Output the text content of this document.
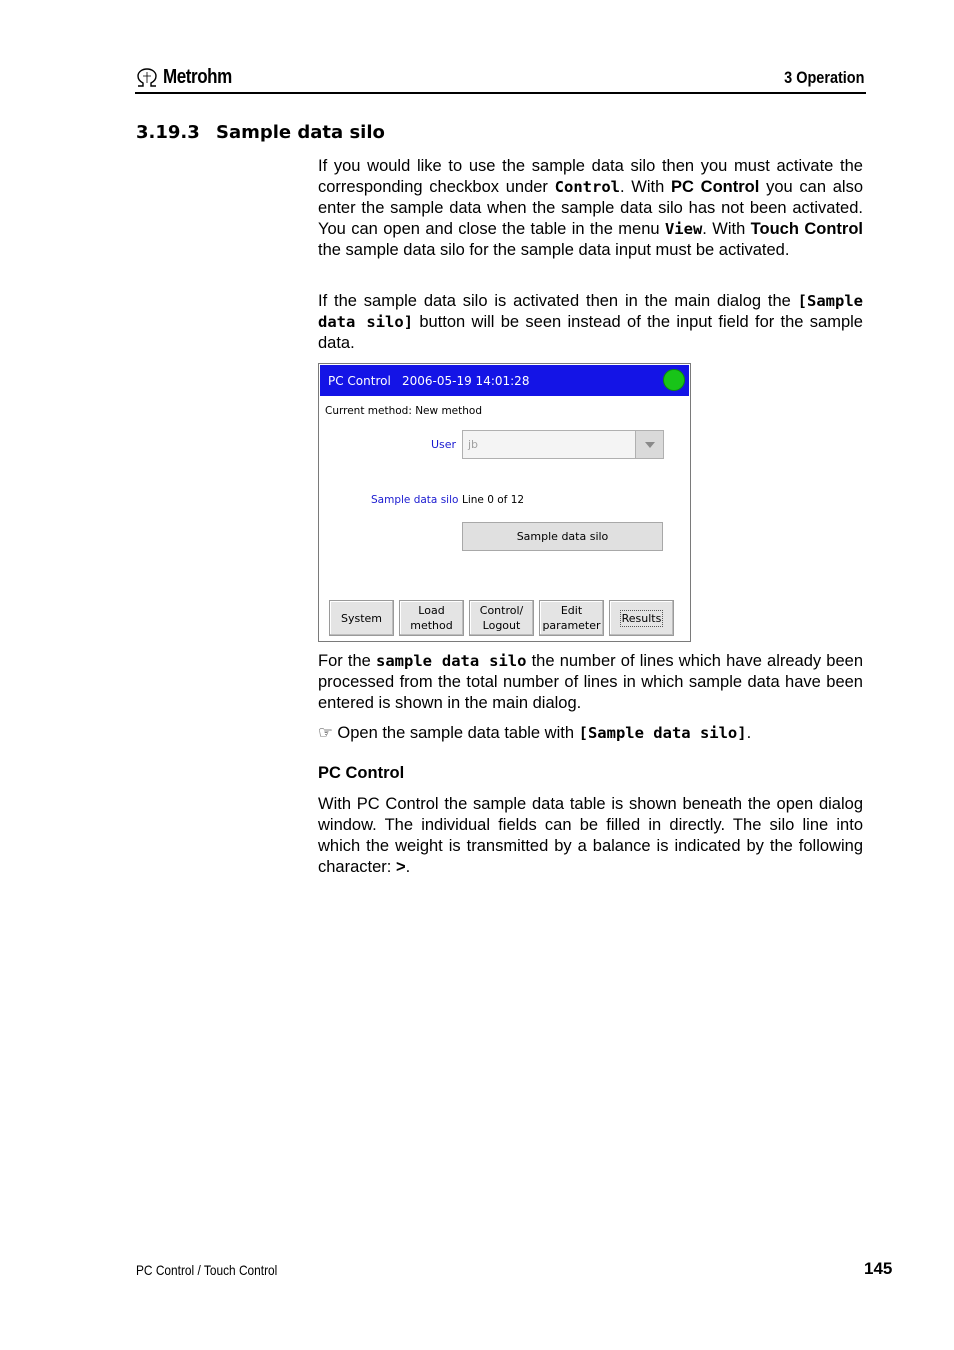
Metrohm	3 Operation
3.19.3 Sample data silo

If you would like to use the sample data silo then you must activate the corresponding checkbox under Control. With PC Control you can also enter the sample data when the sample data silo has not been activated. You can open and close the table in the menu View. With Touch Control the sample data silo for the sample data input must be activated.

If the sample data silo is activated then in the main dialog the [Sample data silo] button will be seen instead of the input field for the sample data.

PC Control 2006-05-19 14:01:28
Current method: New method
User jb
Sample data silo Line 0 of 12
Sample data silo
System
Load
method
Control/
Logout
Edit
parameter
Results

For the sample data silo the number of lines which have already been processed from the total number of lines in which sample data have been entered is shown in the main dialog.

☞ Open the sample data table with [Sample data silo].

PC Control

With PC Control the sample data table is shown beneath the open dialog window. The individual fields can be filled in directly. The silo line into which the weight is transmitted by a balance is indicated by the following character: >.

PC Control / Touch Control	145
